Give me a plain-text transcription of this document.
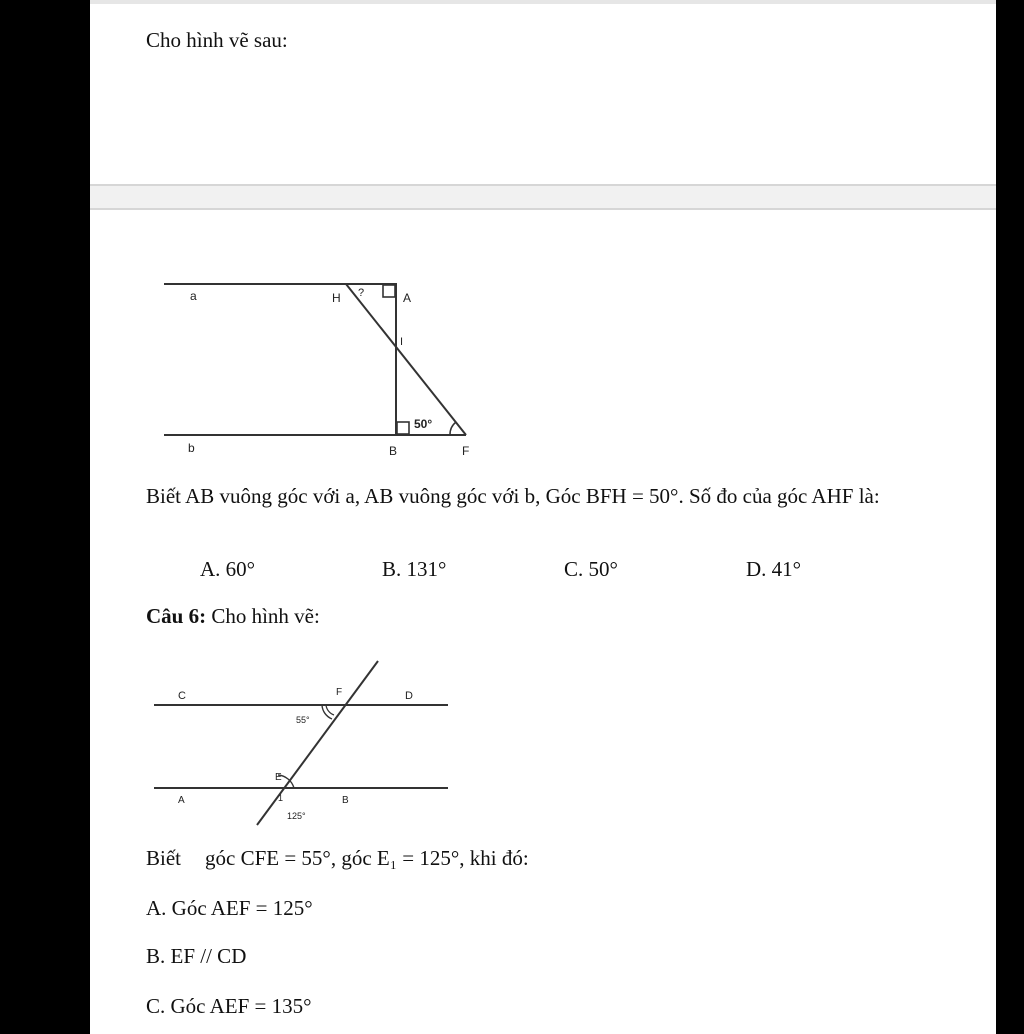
Cho hình vẽ sau:
a	H ?	A
I
b	B	F
50°
Biết AB vuông góc với a, AB vuông góc với b, Góc BFH = 50°. Số đo của góc AHF là:
A. 60°	B. 131°	C. 50°	D. 41°
Câu 6: Cho hình vẽ:
C	F	D
55°
E
A	1	B
125°
Biết góc CFE = 55°, góc E₁ = 125°, khi đó:
A. Góc AEF = 125°
B. EF // CD
C. Góc AEF = 135°
